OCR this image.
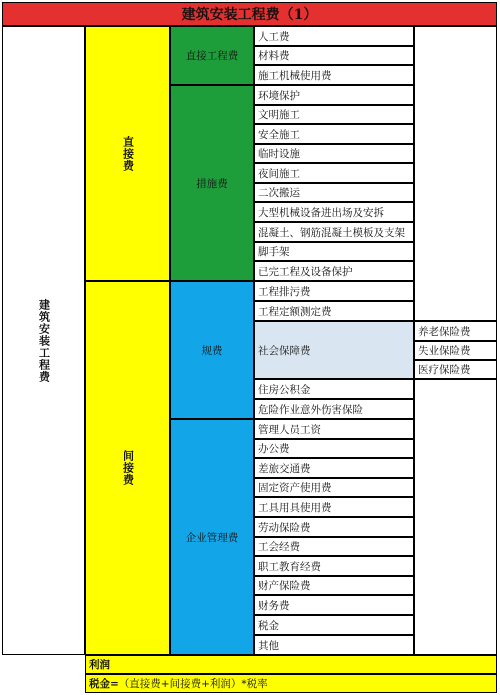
建筑安装工程费（1）
建筑安装工程费
直接费
间接费
直接工程费
措施费
规费
企业管理费
人工费
材料费
施工机械使用费
环境保护
文明施工
安全施工
临时设施
夜间施工
二次搬运
大型机械设备进出场及安拆
混凝土、钢筋混凝土模板及支架
脚手架
已完工程及设备保护
工程排污费
工程定额测定费
社会保障费
住房公积金
危险作业意外伤害保险
养老保险费
失业保险费
医疗保险费
管理人员工资
办公费
差旅交通费
固定资产使用费
工具用具使用费
劳动保险费
工会经费
职工教育经费
财产保险费
财务费
税金
其他
利润
税金= （直接费+间接费+利润）*税率
